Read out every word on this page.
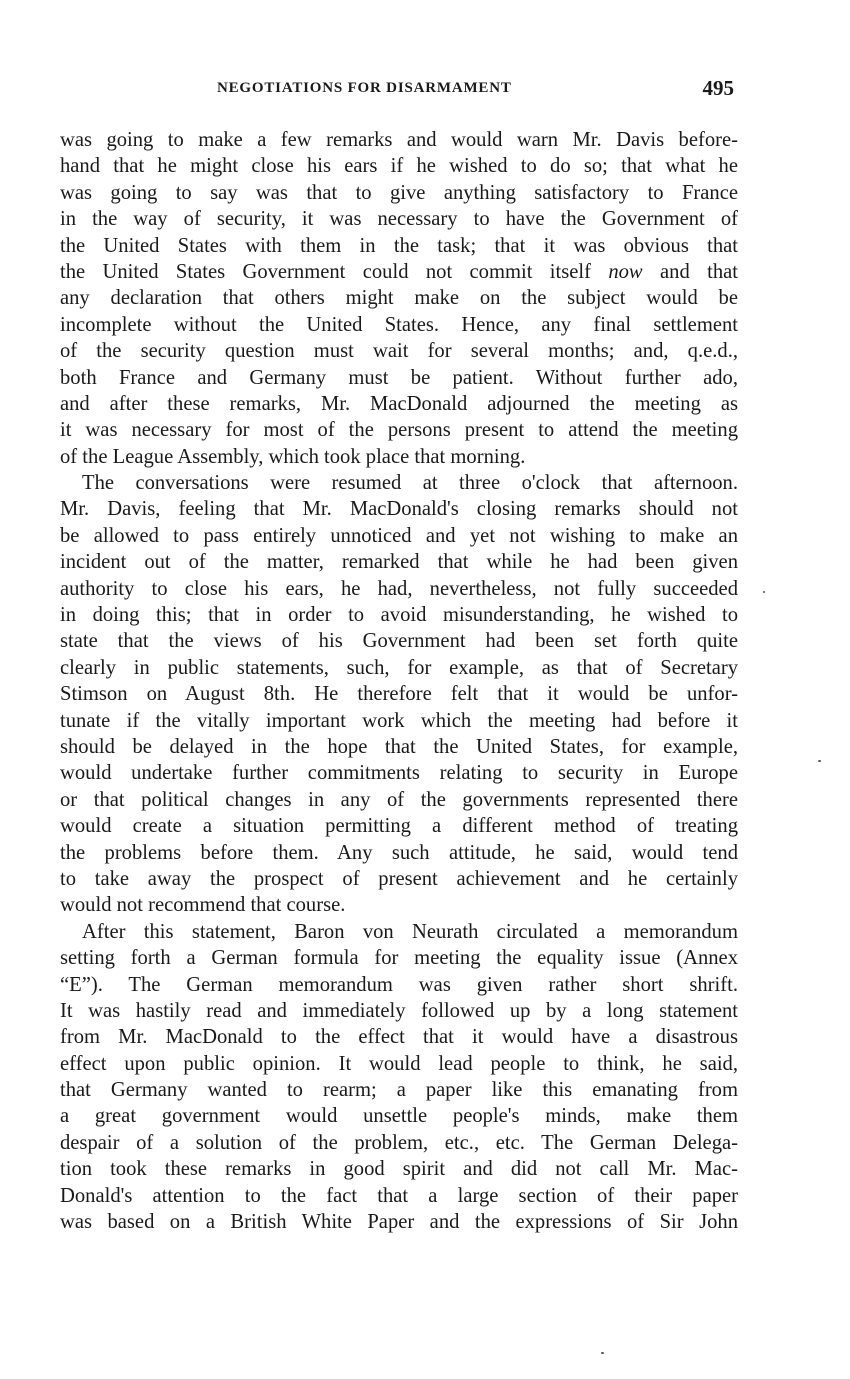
NEGOTIATIONS FOR DISARMAMENT	495
was going to make a few remarks and would warn Mr. Davis before-
hand that he might close his ears if he wished to do so; that what he
was going to say was that to give anything satisfactory to France
in the way of security, it was necessary to have the Government of
the United States with them in the task; that it was obvious that
the United States Government could not commit itself now and that
any declaration that others might make on the subject would be
incomplete without the United States. Hence, any final settlement
of the security question must wait for several months; and, q.e.d.,
both France and Germany must be patient. Without further ado,
and after these remarks, Mr. MacDonald adjourned the meeting as
it was necessary for most of the persons present to attend the meeting
of the League Assembly, which took place that morning.
The conversations were resumed at three o'clock that afternoon.
Mr. Davis, feeling that Mr. MacDonald's closing remarks should not
be allowed to pass entirely unnoticed and yet not wishing to make an
incident out of the matter, remarked that while he had been given
authority to close his ears, he had, nevertheless, not fully succeeded
in doing this; that in order to avoid misunderstanding, he wished to
state that the views of his Government had been set forth quite
clearly in public statements, such, for example, as that of Secretary
Stimson on August 8th. He therefore felt that it would be unfor-
tunate if the vitally important work which the meeting had before it
should be delayed in the hope that the United States, for example,
would undertake further commitments relating to security in Europe
or that political changes in any of the governments represented there
would create a situation permitting a different method of treating
the problems before them. Any such attitude, he said, would tend
to take away the prospect of present achievement and he certainly
would not recommend that course.
After this statement, Baron von Neurath circulated a memorandum
setting forth a German formula for meeting the equality issue (Annex
“E”). The German memorandum was given rather short shrift.
It was hastily read and immediately followed up by a long statement
from Mr. MacDonald to the effect that it would have a disastrous
effect upon public opinion. It would lead people to think, he said,
that Germany wanted to rearm; a paper like this emanating from
a great government would unsettle people's minds, make them
despair of a solution of the problem, etc., etc. The German Delega-
tion took these remarks in good spirit and did not call Mr. Mac-
Donald's attention to the fact that a large section of their paper
was based on a British White Paper and the expressions of Sir John
